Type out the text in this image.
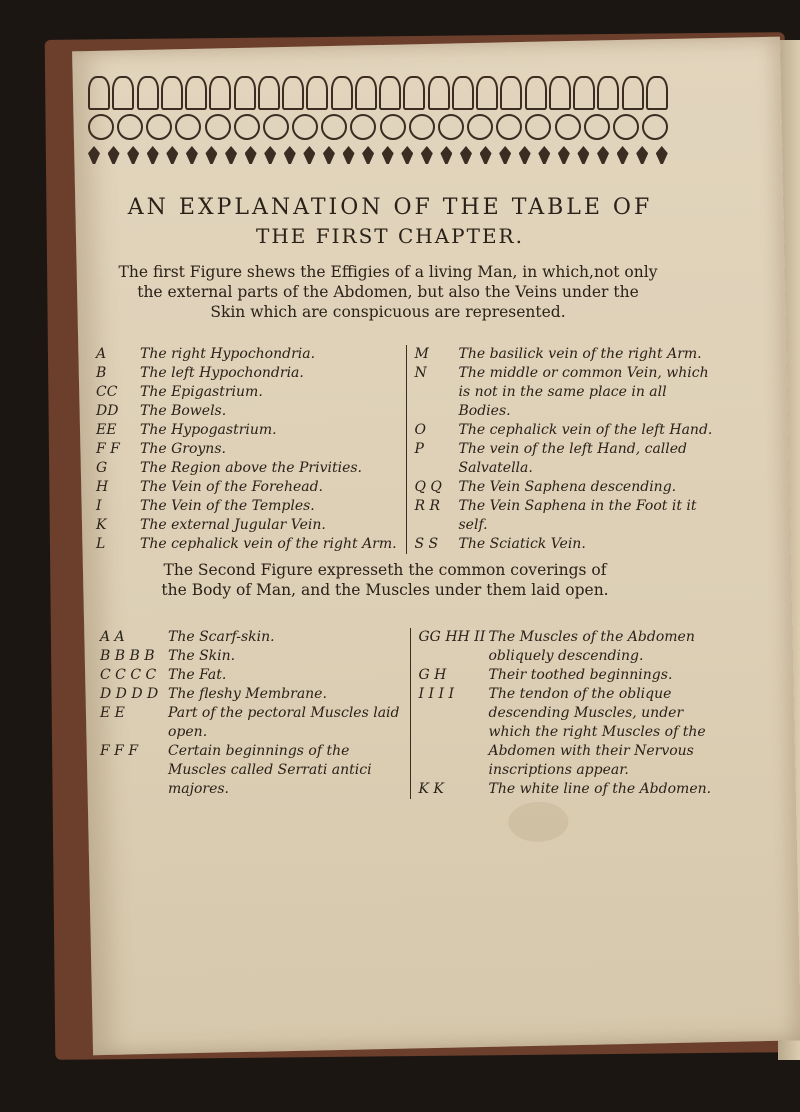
AN EXPLANATION OF THE TABLE OF
THE FIRST CHAPTER.

The first Figure shews the Effigies of a living Man, in which,not only the external parts of the Abdomen, but also the Veins under the Skin which are conspicuous are represented.

A	The right Hypochondria.
B	The left Hypochondria.
CC	The Epigastrium.
DD	The Bowels.
EE	The Hypogastrium.
F F	The Groyns.
G	The Region above the Privities.
H	The Vein of the Forehead.
I	The Vein of the Temples.
K	The external Jugular Vein.
L	The cephalick vein of the right Arm.
M	The basilick vein of the right Arm.
N	The middle or common Vein, which is not in the same place in all Bodies.
O	The cephalick vein of the left Hand.
P	The vein of the left Hand, called Salvatella.
Q Q	The Vein Saphena descending.
R R	The Vein Saphena in the Foot it it self.
S S	The Sciatick Vein.

The Second Figure expresseth the common coverings of the Body of Man, and the Muscles under them laid open.

A A	The Scarf-skin.
B B B B The Skin.
C C C C The Fat.
D D D D The fleshy Membrane.
E E	Part of the pectoral Muscles laid open.
F F F	Certain beginnings of the Muscles called Serrati antici majores.
GG HH II The Muscles of the Abdomen obliquely descending.
G H	Their toothed beginnings.
I I I I	The tendon of the oblique descending Muscles, under which the right Muscles of the Abdomen with their Nervous inscriptions appear.
K K	The white line of the Abdomen.
